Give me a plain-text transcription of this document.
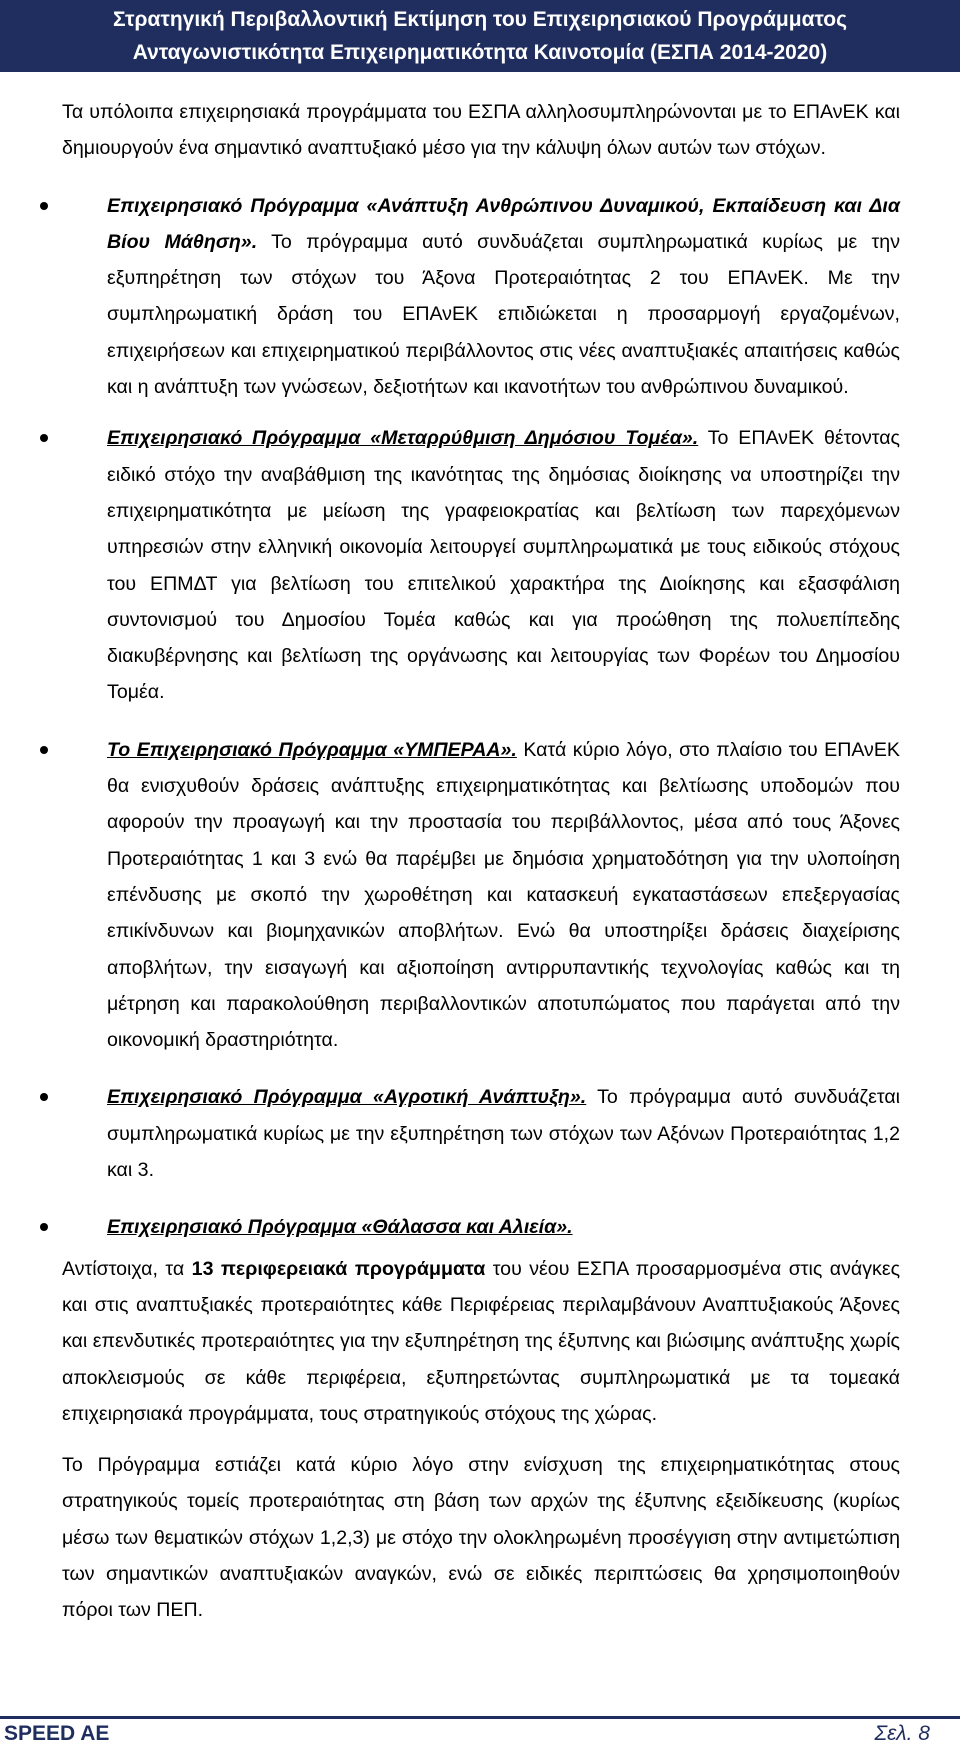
Στρατηγική Περιβαλλοντική Εκτίμηση του Επιχειρησιακού Προγράμματος
Ανταγωνιστικότητα Επιχειρηματικότητα Καινοτομία (ΕΣΠΑ 2014-2020)

Τα υπόλοιπα επιχειρησιακά προγράμματα του ΕΣΠΑ αλληλοσυμπληρώνονται με το ΕΠΑνΕΚ και δημιουργούν ένα σημαντικό αναπτυξιακό μέσο για την κάλυψη όλων αυτών των στόχων.

Επιχειρησιακό Πρόγραμμα «Ανάπτυξη Ανθρώπινου Δυναμικού, Εκπαίδευση και Δια Βίου Μάθηση». Το πρόγραμμα αυτό συνδυάζεται συμπληρωματικά κυρίως με την εξυπηρέτηση των στόχων του Άξονα Προτεραιότητας 2 του ΕΠΑνΕΚ. Με την συμπληρωματική δράση του ΕΠΑνΕΚ επιδιώκεται η προσαρμογή εργαζομένων, επιχειρήσεων και επιχειρηματικού περιβάλλοντος στις νέες αναπτυξιακές απαιτήσεις καθώς και η ανάπτυξη των γνώσεων, δεξιοτήτων και ικανοτήτων του ανθρώπινου δυναμικού.
Επιχειρησιακό Πρόγραμμα «Μεταρρύθμιση Δημόσιου Τομέα». Το ΕΠΑνΕΚ θέτοντας ειδικό στόχο την αναβάθμιση της ικανότητας της δημόσιας διοίκησης να υποστηρίζει την επιχειρηματικότητα με μείωση της γραφειοκρατίας και βελτίωση των παρεχόμενων υπηρεσιών στην ελληνική οικονομία λειτουργεί συμπληρωματικά με τους ειδικούς στόχους του ΕΠΜΔΤ για βελτίωση του επιτελικού χαρακτήρα της Διοίκησης και εξασφάλιση συντονισμού του Δημοσίου Τομέα καθώς και για προώθηση της πολυεπίπεδης διακυβέρνησης και βελτίωση της οργάνωσης και λειτουργίας των Φορέων του Δημοσίου Τομέα.
Το Επιχειρησιακό Πρόγραμμα «ΥΜΠΕΡΑΑ». Κατά κύριο λόγο, στο πλαίσιο του ΕΠΑνΕΚ θα ενισχυθούν δράσεις ανάπτυξης επιχειρηματικότητας και βελτίωσης υποδομών που αφορούν την προαγωγή και την προστασία του περιβάλλοντος, μέσα από τους Άξονες Προτεραιότητας 1 και 3 ενώ θα παρέμβει με δημόσια χρηματοδότηση για την υλοποίηση επένδυσης με σκοπό την χωροθέτηση και κατασκευή εγκαταστάσεων επεξεργασίας επικίνδυνων και βιομηχανικών αποβλήτων. Ενώ θα υποστηρίξει δράσεις διαχείρισης αποβλήτων, την εισαγωγή και αξιοποίηση αντιρρυπαντικής τεχνολογίας καθώς και τη μέτρηση και παρακολούθηση περιβαλλοντικών αποτυπώματος που παράγεται από την οικονομική δραστηριότητα.
Επιχειρησιακό Πρόγραμμα «Αγροτική Ανάπτυξη». Το πρόγραμμα αυτό συνδυάζεται συμπληρωματικά κυρίως με την εξυπηρέτηση των στόχων των Αξόνων Προτεραιότητας 1,2 και 3.
Επιχειρησιακό Πρόγραμμα «Θάλασσα και Αλιεία».

Αντίστοιχα, τα 13 περιφερειακά προγράμματα του νέου ΕΣΠΑ προσαρμοσμένα στις ανάγκες και στις αναπτυξιακές προτεραιότητες κάθε Περιφέρειας περιλαμβάνουν Αναπτυξιακούς Άξονες και επενδυτικές προτεραιότητες για την εξυπηρέτηση της έξυπνης και βιώσιμης ανάπτυξης χωρίς αποκλεισμούς σε κάθε περιφέρεια, εξυπηρετώντας συμπληρωματικά με τα τομεακά επιχειρησιακά προγράμματα, τους στρατηγικούς στόχους της χώρας.

Το Πρόγραμμα εστιάζει κατά κύριο λόγο στην ενίσχυση της επιχειρηματικότητας στους στρατηγικούς τομείς προτεραιότητας στη βάση των αρχών της έξυπνης εξειδίκευσης (κυρίως μέσω των θεματικών στόχων 1,2,3) με στόχο την ολοκληρωμένη προσέγγιση στην αντιμετώπιση των σημαντικών αναπτυξιακών αναγκών, ενώ σε ειδικές περιπτώσεις θα χρησιμοποιηθούν πόροι των ΠΕΠ.

SPEED AE	Σελ. 8
